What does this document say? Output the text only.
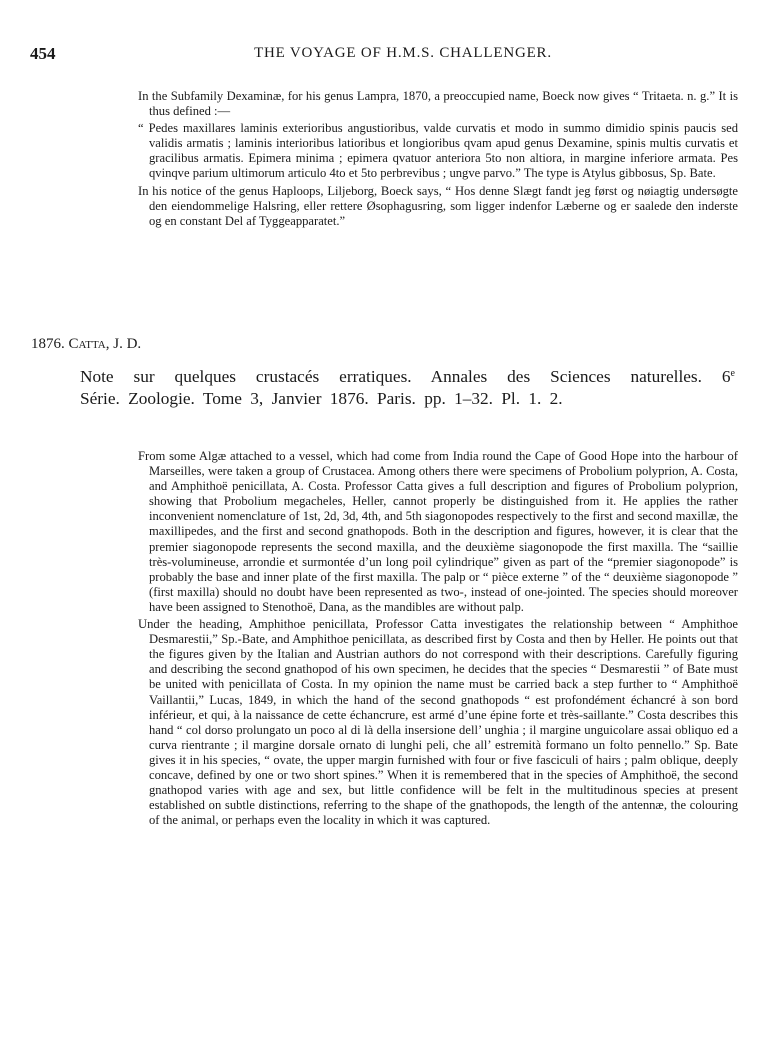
454	THE VOYAGE OF H.M.S. CHALLENGER.

In the Subfamily Dexaminæ, for his genus Lampra, 1870, a preoccupied name, Boeck now gives “ Tritaeta. n. g.” It is thus defined :—

“ Pedes maxillares laminis exterioribus angustioribus, valde curvatis et modo in summo dimidio spinis paucis sed validis armatis ; laminis interioribus latioribus et longioribus qvam apud genus Dexamine, spinis multis curvatis et gracilibus armatis. Epimera minima ; epimera qvatuor anteriora 5to non altiora, in margine inferiore armata. Pes qvinqve parium ultimorum articulo 4to et 5to perbrevibus ; ungve parvo.” The type is Atylus gibbosus, Sp. Bate.

In his notice of the genus Haploops, Liljeborg, Boeck says, “ Hos denne Slægt fandt jeg først og nøiagtig undersøgte den eiendommelige Halsring, eller rettere Øsophagusring, som ligger indenfor Læberne og er saalede den inderste og en constant Del af Tyggeapparatet.”

1876. Catta, J. D.

Note sur quelques crustacés erratiques. Annales des Sciences naturelles. 6e
Série. Zoologie. Tome 3, Janvier 1876. Paris. pp. 1–32. Pl. 1. 2.

From some Algæ attached to a vessel, which had come from India round the Cape of Good Hope into the harbour of Marseilles, were taken a group of Crustacea. Among others there were specimens of Probolium polyprion, A. Costa, and Amphithoë penicillata, A. Costa. Professor Catta gives a full description and figures of Probolium polyprion, showing that Probolium megacheles, Heller, cannot properly be distinguished from it. He applies the rather inconvenient nomenclature of 1st, 2d, 3d, 4th, and 5th siagonopodes respectively to the first and second maxillæ, the maxillipedes, and the first and second gnathopods. Both in the description and figures, however, it is clear that the premier siagonopode represents the second maxilla, and the deuxième siagonopode the first maxilla. The “saillie très-volumineuse, arrondie et surmontée d’un long poil cylindrique” given as part of the “premier siagonopode” is probably the base and inner plate of the first maxilla. The palp or “ pièce externe ” of the “ deuxième siagonopode ” (first maxilla) should no doubt have been represented as two-, instead of one-jointed. The species should moreover have been assigned to Stenothoë, Dana, as the mandibles are without palp.

Under the heading, Amphithoe penicillata, Professor Catta investigates the relationship between “ Amphithoe Desmarestii,” Sp.-Bate, and Amphithoe penicillata, as described first by Costa and then by Heller. He points out that the figures given by the Italian and Austrian authors do not correspond with their descriptions. Carefully figuring and describing the second gnathopod of his own specimen, he decides that the species “ Desmarestii ” of Bate must be united with penicillata of Costa. In my opinion the name must be carried back a step further to “ Amphithoë Vaillantii,” Lucas, 1849, in which the hand of the second gnathopods “ est profondément échancré à son bord inférieur, et qui, à la naissance de cette échancrure, est armé d’une épine forte et très-saillante.” Costa describes this hand “ col dorso prolungato un poco al di là della insersione dell’ unghia ; il margine unguicolare assai obliquo ed a curva rientrante ; il margine dorsale ornato di lunghi peli, che all’ estremità formano un folto pennello.” Sp. Bate gives it in his species, “ ovate, the upper margin furnished with four or five fasciculi of hairs ; palm oblique, deeply concave, defined by one or two short spines.” When it is remembered that in the species of Amphithoë, the second gnathopod varies with age and sex, but little confidence will be felt in the multitudinous species at present established on subtle distinctions, referring to the shape of the gnathopods, the length of the antennæ, the colouring of the animal, or perhaps even the locality in which it was captured.
